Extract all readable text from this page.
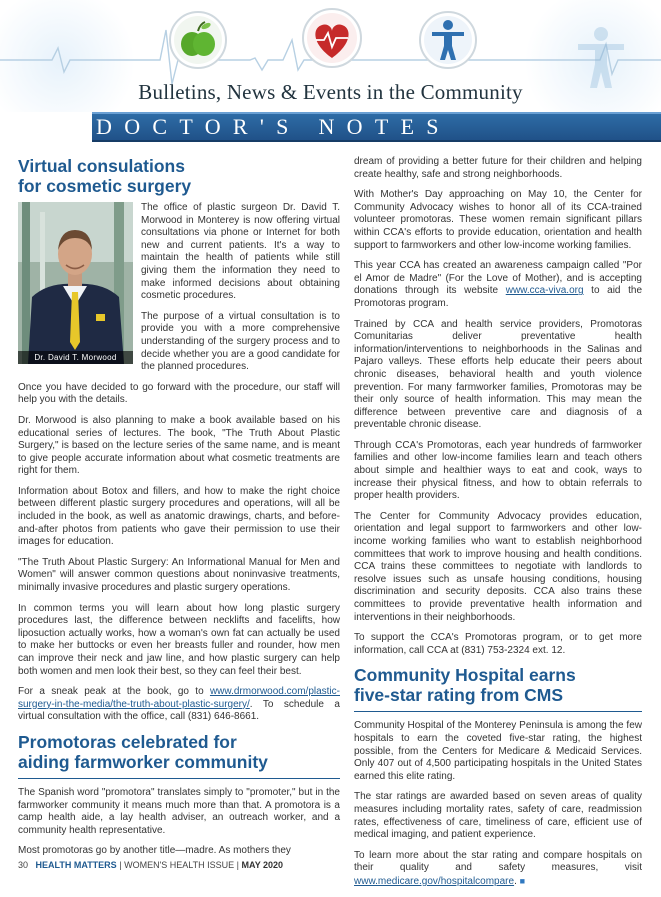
Bulletins, News & Events in the Community
DOCTOR'S NOTES
Virtual consulations
for cosmetic surgery
Dr. David T. Morwood

The office of plastic surgeon Dr. David T. Morwood in Monterey is now offering virtual consultations via phone or Internet for both new and current patients. It's a way to maintain the health of patients while still giving them the information they need to make informed decisions about obtaining cosmetic procedures.

The purpose of a virtual consultation is to provide you with a more comprehensive understanding of the surgery process and to decide whether you are a good candidate for the planned procedures.

Once you have decided to go forward with the procedure, our staff will help you with the details.

Dr. Morwood is also planning to make a book available based on his educational series of lectures. The book, "The Truth About Plastic Surgery," is based on the lecture series of the same name, and is meant to give people accurate information about what cosmetic treatments are right for them.

Information about Botox and fillers, and how to make the right choice between different plastic surgery procedures and operations, will all be included in the book, as well as anatomic drawings, charts, and before-and-after photos from patients who gave their permission to use their images for education.

"The Truth About Plastic Surgery: An Informational Manual for Men and Women" will answer common questions about noninvasive treatments, minimally invasive procedures and plastic surgery operations.

In common terms you will learn about how long plastic surgery procedures last, the difference between necklifts and facelifts, how liposuction actually works, how a woman's own fat can actually be used to make her buttocks or even her breasts fuller and rounder, how men can improve their neck and jaw line, and how plastic surgery can help both women and men look their best, so they can feel their best.

For a sneak peak at the book, go to www.drmorwood.com/plastic-surgery-in-the-media/the-truth-about-plastic-surgery/. To schedule a virtual consultation with the office, call (831) 646-8661.

Promotoras celebrated for
aiding farmworker community

The Spanish word "promotora" translates simply to "promoter," but in the farmworker community it means much more than that. A promotora is a camp health aide, a lay health adviser, an outreach worker, and a community health representative.

Most promotoras go by another title—madre. As mothers they

dream of providing a better future for their children and helping create healthy, safe and strong neighborhoods.

With Mother's Day approaching on May 10, the Center for Community Advocacy wishes to honor all of its CCA-trained volunteer promotoras. These women remain significant pillars within CCA's efforts to provide education, orientation and health support to farmworkers and other low-income working families.

This year CCA has created an awareness campaign called "Por el Amor de Madre" (For the Love of Mother), and is accepting donations through its website www.cca-viva.org to aid the Promotoras program.

Trained by CCA and health service providers, Promotoras Comunitarias deliver preventative health information/interventions to neighborhoods in the Salinas and Pajaro valleys. These efforts help educate their peers about chronic diseases, behavioral health and youth violence prevention. For many farmworker families, Promotoras may be their only source of health information. This may mean the difference between preventive care and diagnosis of a preventable chronic disease.

Through CCA's Promotoras, each year hundreds of farmworker families and other low-income families learn and teach others about simple and healthier ways to eat and cook, ways to increase their physical fitness, and how to obtain referrals to proper health providers.

The Center for Community Advocacy provides education, orientation and legal support to farmworkers and other low-income working families who want to establish neighborhood committees that work to improve housing and health conditions. CCA trains these committees to negotiate with landlords to resolve issues such as unsafe housing conditions, housing discrimination and security deposits. CCA also trains these committees to provide preventative health information and interventions in their neighborhoods.

To support the CCA's Promotoras program, or to get more information, call CCA at (831) 753-2324 ext. 12.

Community Hospital earns
five-star rating from CMS

Community Hospital of the Monterey Peninsula is among the few hospitals to earn the coveted five-star rating, the highest possible, from the Centers for Medicare & Medicaid Services. Only 407 out of 4,500 participating hospitals in the United States earned this elite rating.

The star ratings are awarded based on seven areas of quality measures including mortality rates, safety of care, readmission rates, effectiveness of care, timeliness of care, efficient use of medical imaging, and patient experience.

To learn more about the star rating and compare hospitals on their quality and safety measures, visit www.medicare.gov/hospitalcompare. ■

30 HEALTH MATTERS | WOMEN'S HEALTH ISSUE | MAY 2020
